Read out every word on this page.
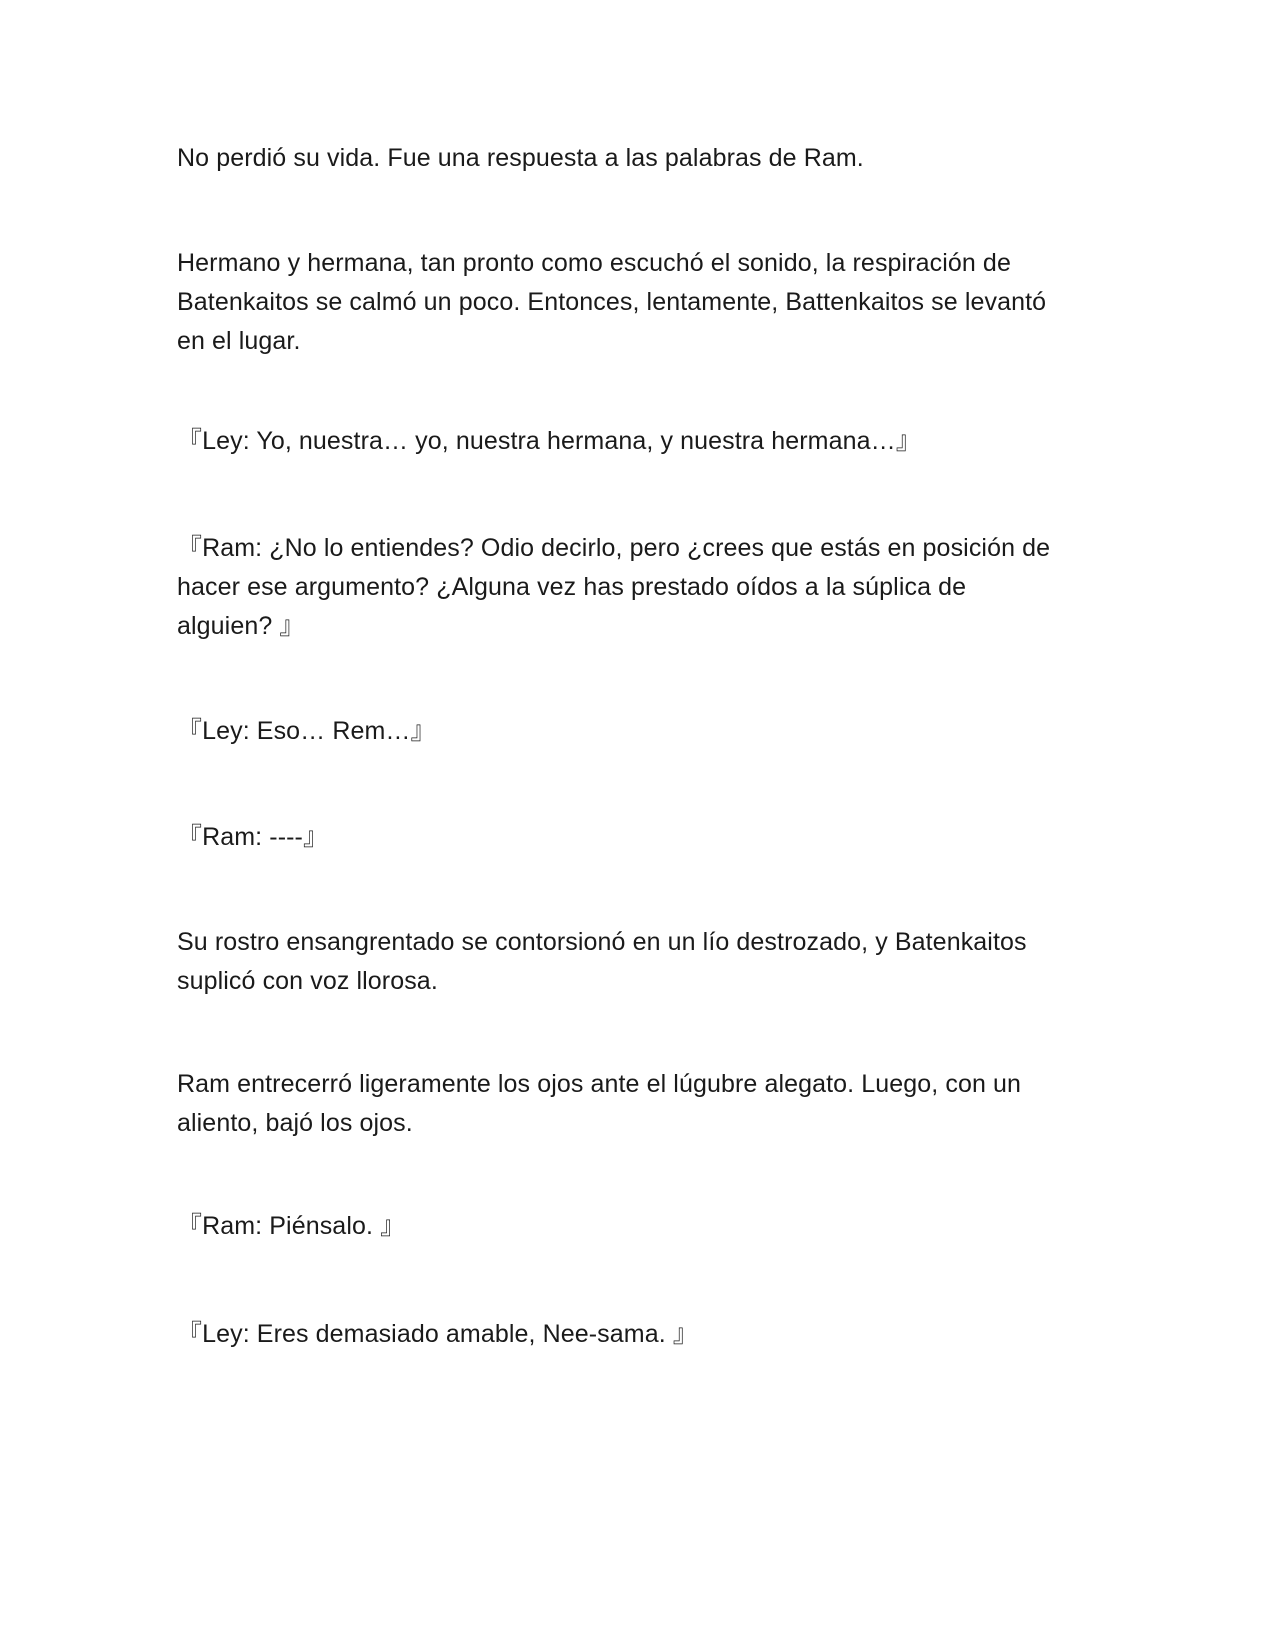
No perdió su vida. Fue una respuesta a las palabras de Ram.

Hermano y hermana, tan pronto como escuchó el sonido, la respiración de
Batenkaitos se calmó un poco. Entonces, lentamente, Battenkaitos se levantó
en el lugar.

『Ley: Yo, nuestra… yo, nuestra hermana, y nuestra hermana…』

『Ram: ¿No lo entiendes? Odio decirlo, pero ¿crees que estás en posición de
hacer ese argumento? ¿Alguna vez has prestado oídos a la súplica de
alguien? 』

『Ley: Eso… Rem…』

『Ram: ----』

Su rostro ensangrentado se contorsionó en un lío destrozado, y Batenkaitos
suplicó con voz llorosa.

Ram entrecerró ligeramente los ojos ante el lúgubre alegato. Luego, con un
aliento, bajó los ojos.

『Ram: Piénsalo. 』

『Ley: Eres demasiado amable, Nee-sama. 』
